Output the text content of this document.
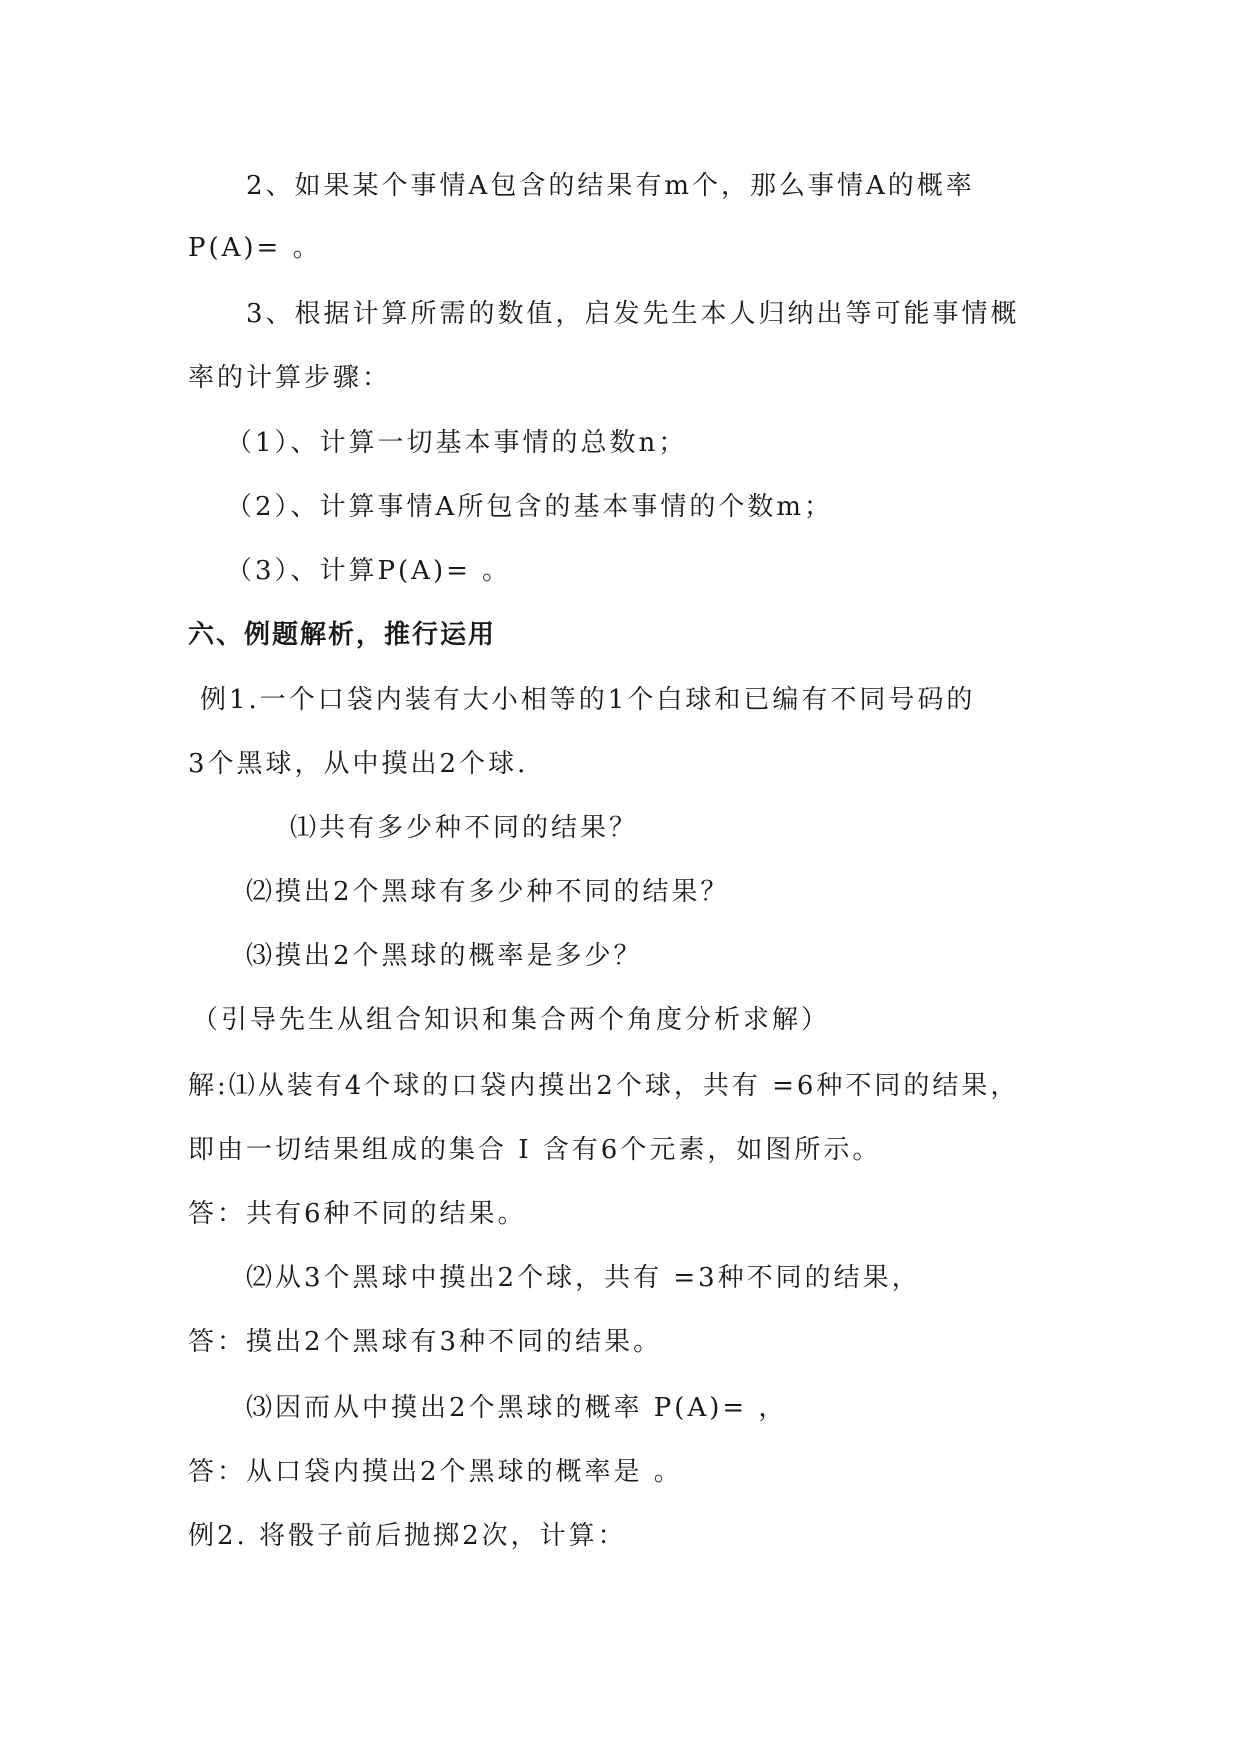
2、如果某个事情A包含的结果有m个，那么事情A的概率
P(A)= 。
3、根据计算所需的数值，启发先生本人归纳出等可能事情概
率的计算步骤：
（1）、计算一切基本事情的总数n；
（2）、计算事情A所包含的基本事情的个数m；
（3）、计算P(A)= 。
六、例题解析，推行运用
例1.一个口袋内装有大小相等的1个白球和已编有不同号码的
3个黑球，从中摸出2个球.
⑴共有多少种不同的结果？
⑵摸出2个黑球有多少种不同的结果？
⑶摸出2个黑球的概率是多少？
（引导先生从组合知识和集合两个角度分析求解）
解:⑴从装有4个球的口袋内摸出2个球，共有 =6种不同的结果，
即由一切结果组成的集合 I 含有6个元素，如图所示。
答：共有6种不同的结果。
⑵从3个黑球中摸出2个球，共有 =3种不同的结果，
答：摸出2个黑球有3种不同的结果。
⑶因而从中摸出2个黑球的概率 P(A)= ，
答：从口袋内摸出2个黑球的概率是 。
例2. 将骰子前后抛掷2次，计算：
